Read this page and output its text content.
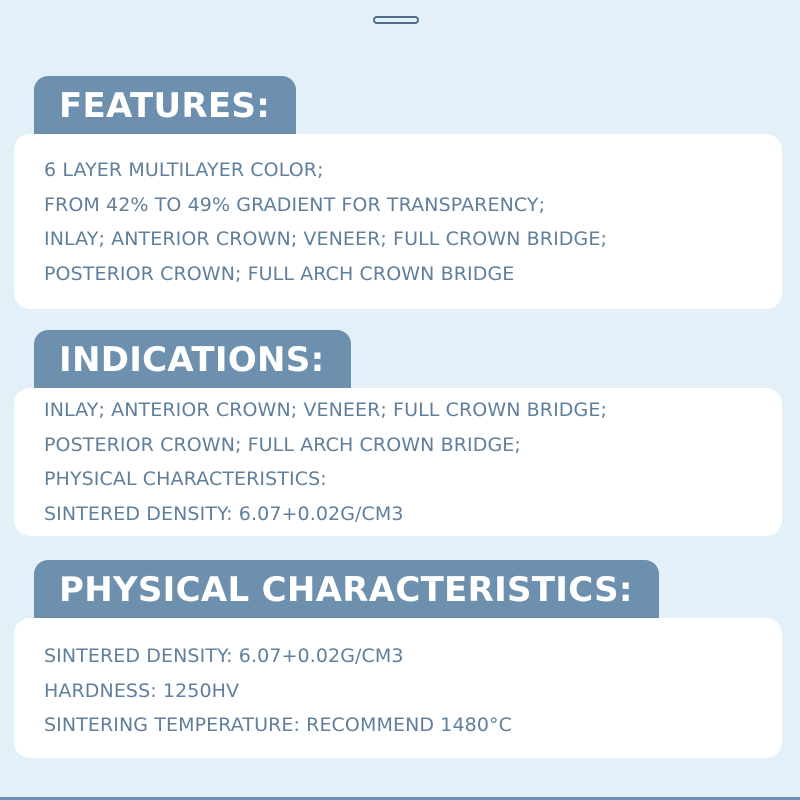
FEATURES:
6 LAYER MULTILAYER COLOR;
FROM 42% TO 49% GRADIENT FOR TRANSPARENCY;
INLAY; ANTERIOR CROWN; VENEER; FULL CROWN BRIDGE;
POSTERIOR CROWN; FULL ARCH CROWN BRIDGE
INDICATIONS:
INLAY; ANTERIOR CROWN; VENEER; FULL CROWN BRIDGE;
POSTERIOR CROWN; FULL ARCH CROWN BRIDGE;
PHYSICAL CHARACTERISTICS:
SINTERED DENSITY: 6.07+0.02G/CM3
PHYSICAL CHARACTERISTICS:
SINTERED DENSITY: 6.07+0.02G/CM3
HARDNESS: 1250HV
SINTERING TEMPERATURE: RECOMMEND 1480°C
